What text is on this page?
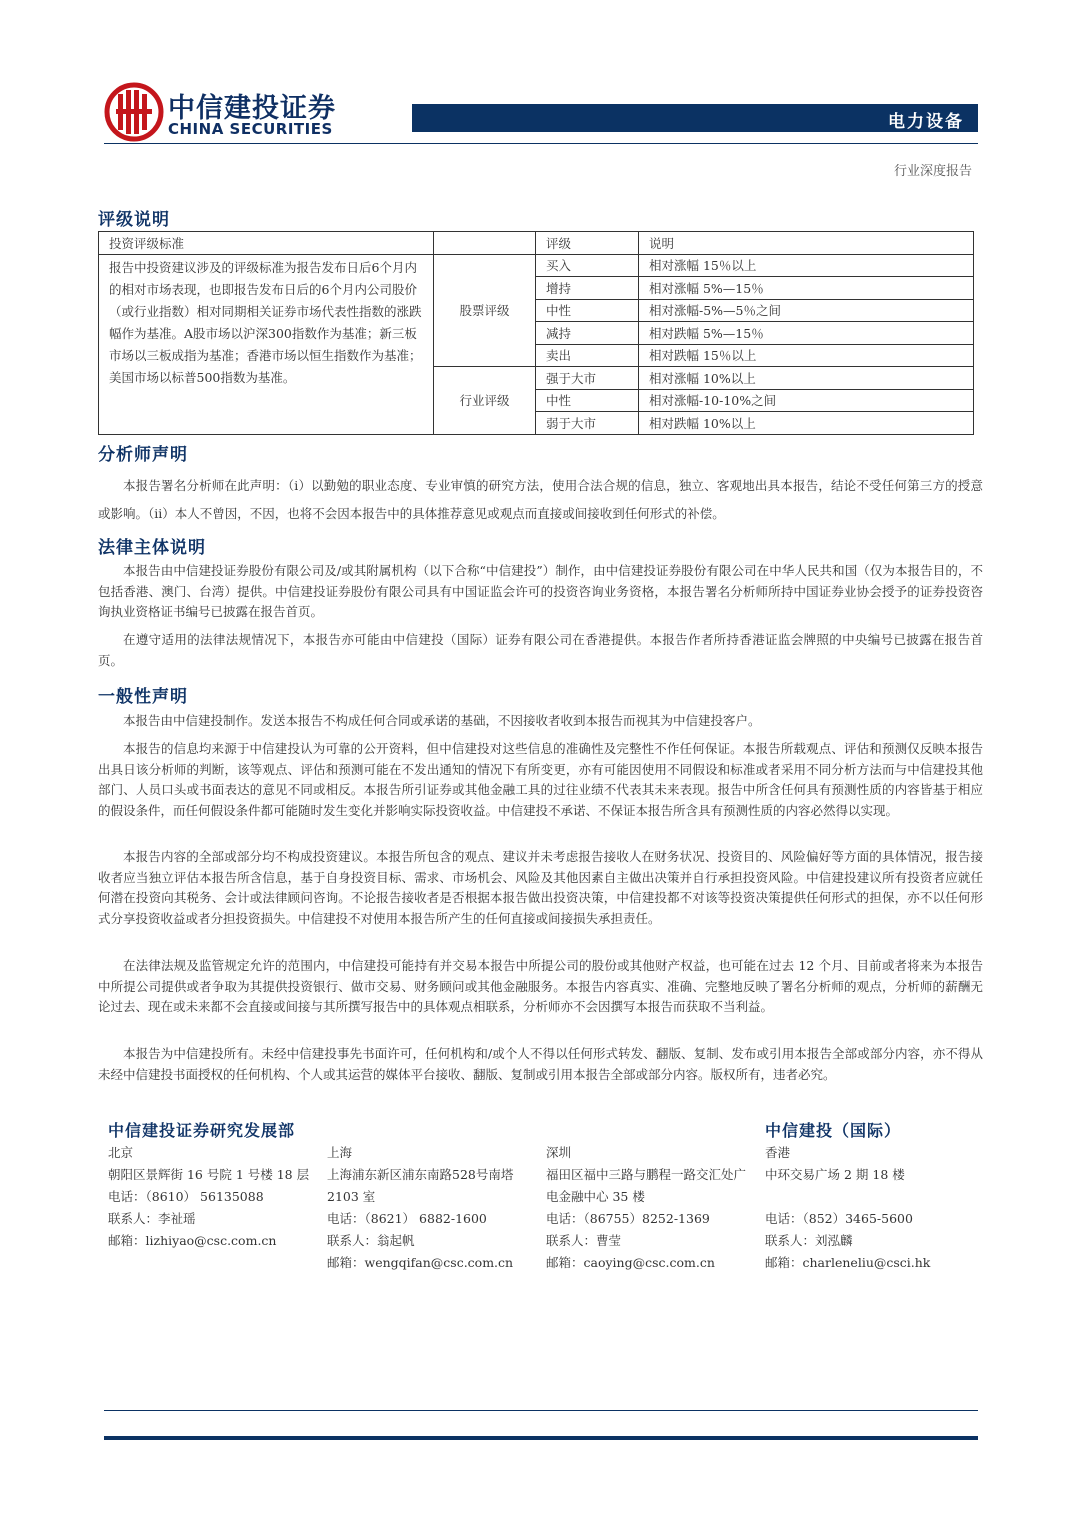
中信建投证券
CHINA SECURITIES	电力设备
行业深度报告
评级说明
投资评级标准		评级	说明
报告中投资建议涉及的评级标准为报告发布日后6个月内的相对市场表现，也即报告发布日后的6个月内公司股价（或行业指数）相对同期相关证券市场代表性指数的涨跌幅作为基准。A股市场以沪深300指数作为基准；新三板市场以三板成指为基准；香港市场以恒生指数作为基准；美国市场以标普500指数为基准。	股票评级	买入	相对涨幅 15％以上
		增持	相对涨幅 5%—15％
		中性	相对涨幅-5%—5％之间
		减持	相对跌幅 5%—15％
		卖出	相对跌幅 15％以上
	行业评级	强于大市	相对涨幅 10%以上
		中性	相对涨幅-10-10%之间
		弱于大市	相对跌幅 10%以上
分析师声明

本报告署名分析师在此声明：（i）以勤勉的职业态度、专业审慎的研究方法，使用合法合规的信息，独立、客观地出具本报告，结论不受任何第三方的授意或影响。（ii）本人不曾因，不因，也将不会因本报告中的具体推荐意见或观点而直接或间接收到任何形式的补偿。

法律主体说明

本报告由中信建投证券股份有限公司及/或其附属机构（以下合称“中信建投”）制作，由中信建投证券股份有限公司在中华人民共和国（仅为本报告目的，不包括香港、澳门、台湾）提供。中信建投证券股份有限公司具有中国证监会许可的投资咨询业务资格，本报告署名分析师所持中国证券业协会授予的证券投资咨询执业资格证书编号已披露在报告首页。

在遵守适用的法律法规情况下，本报告亦可能由中信建投（国际）证券有限公司在香港提供。本报告作者所持香港证监会牌照的中央编号已披露在报告首页。

一般性声明

本报告由中信建投制作。发送本报告不构成任何合同或承诺的基础，不因接收者收到本报告而视其为中信建投客户。

本报告的信息均来源于中信建投认为可靠的公开资料，但中信建投对这些信息的准确性及完整性不作任何保证。本报告所载观点、评估和预测仅反映本报告出具日该分析师的判断，该等观点、评估和预测可能在不发出通知的情况下有所变更，亦有可能因使用不同假设和标准或者采用不同分析方法而与中信建投其他部门、人员口头或书面表达的意见不同或相反。本报告所引证券或其他金融工具的过往业绩不代表其未来表现。报告中所含任何具有预测性质的内容皆基于相应的假设条件，而任何假设条件都可能随时发生变化并影响实际投资收益。中信建投不承诺、不保证本报告所含具有预测性质的内容必然得以实现。

本报告内容的全部或部分均不构成投资建议。本报告所包含的观点、建议并未考虑报告接收人在财务状况、投资目的、风险偏好等方面的具体情况，报告接收者应当独立评估本报告所含信息，基于自身投资目标、需求、市场机会、风险及其他因素自主做出决策并自行承担投资风险。中信建投建议所有投资者应就任何潜在投资向其税务、会计或法律顾问咨询。不论报告接收者是否根据本报告做出投资决策，中信建投都不对该等投资决策提供任何形式的担保，亦不以任何形式分享投资收益或者分担投资损失。中信建投不对使用本报告所产生的任何直接或间接损失承担责任。

在法律法规及监管规定允许的范围内，中信建投可能持有并交易本报告中所提公司的股份或其他财产权益，也可能在过去 12 个月、目前或者将来为本报告中所提公司提供或者争取为其提供投资银行、做市交易、财务顾问或其他金融服务。本报告内容真实、准确、完整地反映了署名分析师的观点，分析师的薪酬无论过去、现在或未来都不会直接或间接与其所撰写报告中的具体观点相联系，分析师亦不会因撰写本报告而获取不当利益。

本报告为中信建投所有。未经中信建投事先书面许可，任何机构和/或个人不得以任何形式转发、翻版、复制、发布或引用本报告全部或部分内容，亦不得从未经中信建投书面授权的任何机构、个人或其运营的媒体平台接收、翻版、复制或引用本报告全部或部分内容。版权所有，违者必究。

中信建投证券研究发展部	中信建投（国际）
北京
朝阳区景辉街 16 号院 1 号楼 18 层
电话：（8610） 56135088
联系人：李祉瑶
邮箱：lizhiyao@csc.com.cn
上海
上海浦东新区浦东南路528号南塔 2103 室
电话：（8621） 6882-1600
联系人：翁起帆
邮箱：wengqifan@csc.com.cn
深圳
福田区福中三路与鹏程一路交汇处广电金融中心 35 楼
电话：（86755）8252-1369
联系人：曹莹
邮箱：caoying@csc.com.cn
香港
中环交易广场 2 期 18 楼
电话：（852）3465-5600
联系人：刘泓麟
邮箱：charleneliu@csci.hk
